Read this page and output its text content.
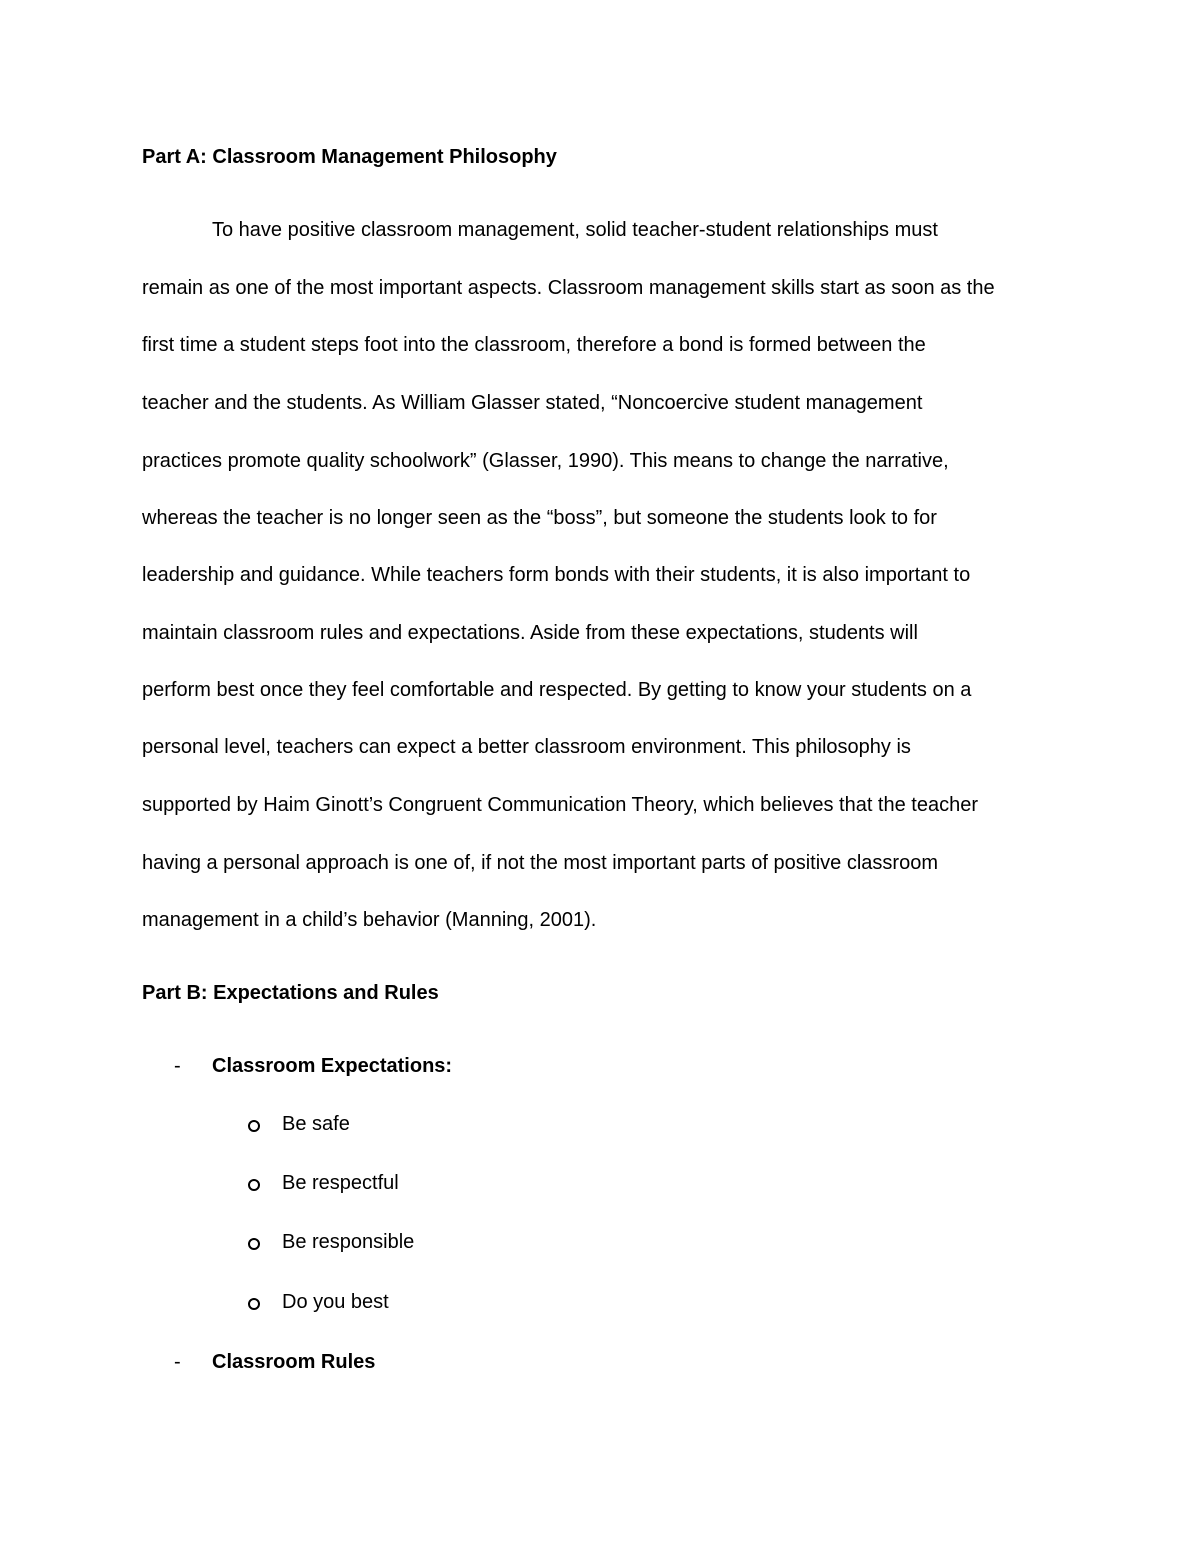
Part A: Classroom Management Philosophy
To have positive classroom management, solid teacher-student relationships must
remain as one of the most important aspects. Classroom management skills start as soon as the
first time a student steps foot into the classroom, therefore a bond is formed between the
teacher and the students. As William Glasser stated, “Noncoercive student management
practices promote quality schoolwork” (Glasser, 1990). This means to change the narrative,
whereas the teacher is no longer seen as the “boss”, but someone the students look to for
leadership and guidance. While teachers form bonds with their students, it is also important to
maintain classroom rules and expectations. Aside from these expectations, students will
perform best once they feel comfortable and respected. By getting to know your students on a
personal level, teachers can expect a better classroom environment. This philosophy is
supported by Haim Ginott’s Congruent Communication Theory, which believes that the teacher
having a personal approach is one of, if not the most important parts of positive classroom
management in a child’s behavior (Manning, 2001).
Part B: Expectations and Rules
- Classroom Expectations:
Be safe
Be respectful
Be responsible
Do you best
- Classroom Rules
